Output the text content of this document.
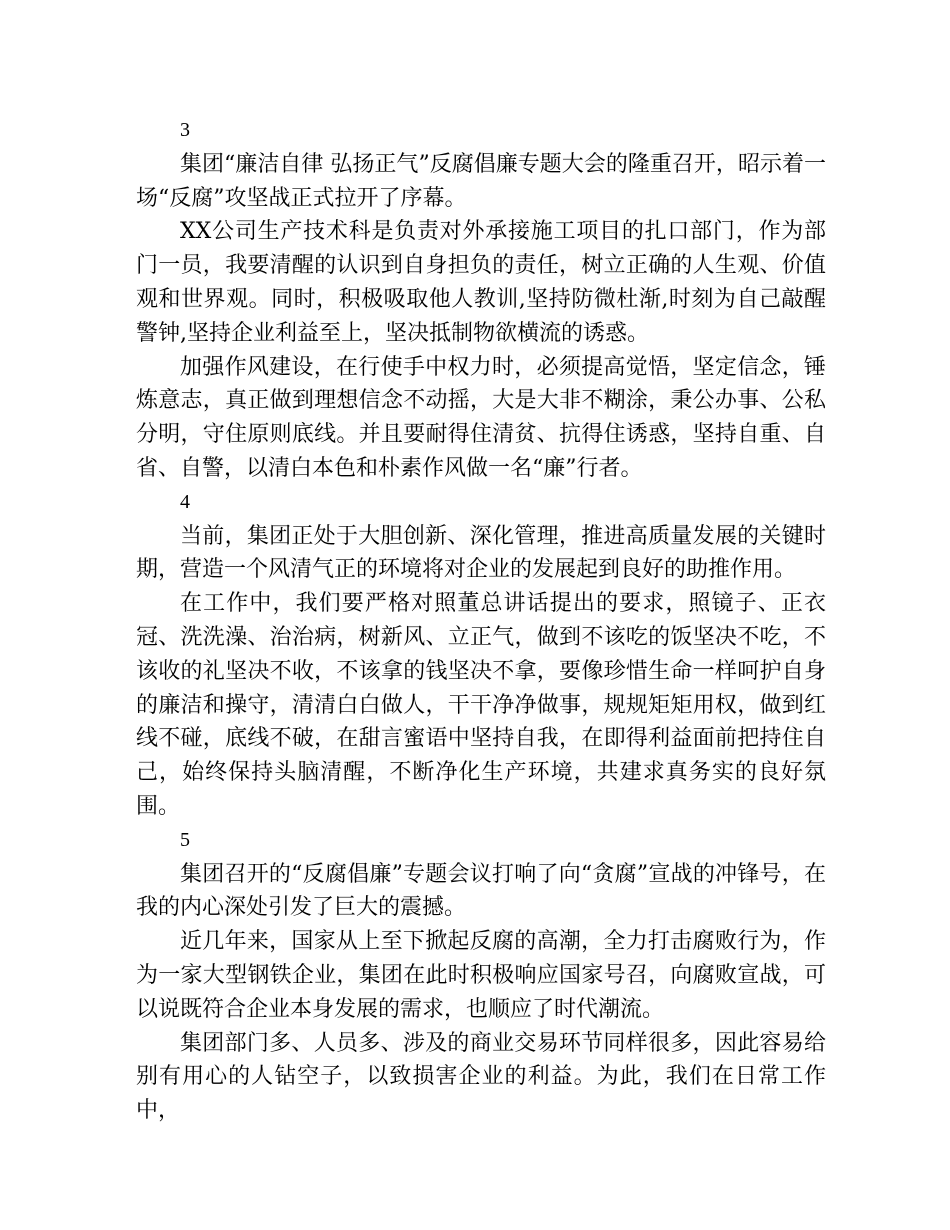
3

集团“廉洁自律 弘扬正气”反腐倡廉专题大会的隆重召开，昭示着一场“反腐”攻坚战正式拉开了序幕。

XX公司生产技术科是负责对外承接施工项目的扎口部门，作为部门一员，我要清醒的认识到自身担负的责任，树立正确的人生观、价值观和世界观。同时，积极吸取他人教训,坚持防微杜渐,时刻为自己敲醒警钟,坚持企业利益至上，坚决抵制物欲横流的诱惑。

加强作风建设，在行使手中权力时，必须提高觉悟，坚定信念，锤炼意志，真正做到理想信念不动摇，大是大非不糊涂，秉公办事、公私分明，守住原则底线。并且要耐得住清贫、抗得住诱惑，坚持自重、自省、自警，以清白本色和朴素作风做一名“廉”行者。

4

当前，集团正处于大胆创新、深化管理，推进高质量发展的关键时期，营造一个风清气正的环境将对企业的发展起到良好的助推作用。

在工作中，我们要严格对照董总讲话提出的要求，照镜子、正衣冠、洗洗澡、治治病，树新风、立正气，做到不该吃的饭坚决不吃，不该收的礼坚决不收，不该拿的钱坚决不拿，要像珍惜生命一样呵护自身的廉洁和操守，清清白白做人，干干净净做事，规规矩矩用权，做到红线不碰，底线不破，在甜言蜜语中坚持自我，在即得利益面前把持住自己，始终保持头脑清醒，不断净化生产环境，共建求真务实的良好氛围。

5

集团召开的“反腐倡廉”专题会议打响了向“贪腐”宣战的冲锋号，在我的内心深处引发了巨大的震撼。

近几年来，国家从上至下掀起反腐的高潮，全力打击腐败行为，作为一家大型钢铁企业，集团在此时积极响应国家号召，向腐败宣战，可以说既符合企业本身发展的需求，也顺应了时代潮流。

集团部门多、人员多、涉及的商业交易环节同样很多，因此容易给别有用心的人钻空子，以致损害企业的利益。为此，我们在日常工作中，
